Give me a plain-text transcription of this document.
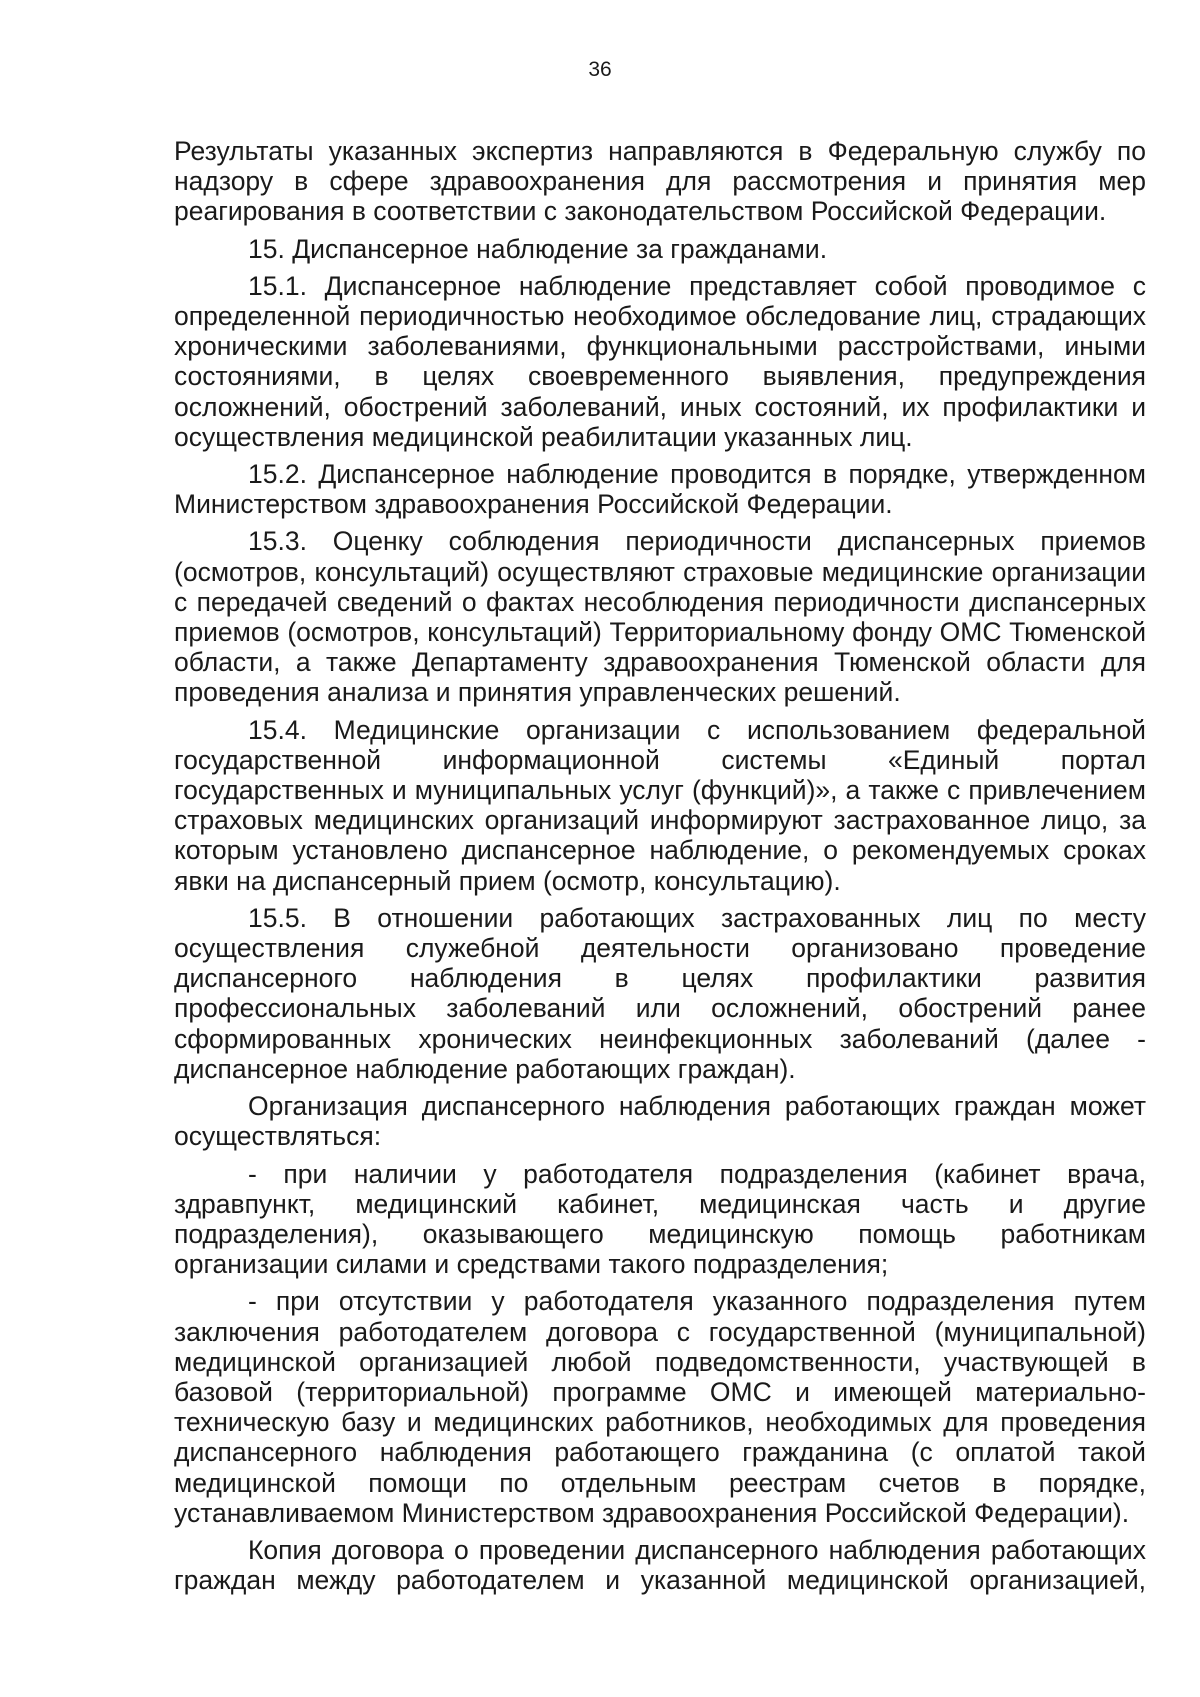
36

Результаты указанных экспертиз направляются в Федеральную службу по надзору в сфере здравоохранения для рассмотрения и принятия мер реагирования в соответствии с законодательством Российской Федерации.

15. Диспансерное наблюдение за гражданами.

15.1. Диспансерное наблюдение представляет собой проводимое с определенной периодичностью необходимое обследование лиц, страдающих хроническими заболеваниями, функциональными расстройствами, иными состояниями, в целях своевременного выявления, предупреждения осложнений, обострений заболеваний, иных состояний, их профилактики и осуществления медицинской реабилитации указанных лиц.

15.2. Диспансерное наблюдение проводится в порядке, утвержденном Министерством здравоохранения Российской Федерации.

15.3. Оценку соблюдения периодичности диспансерных приемов (осмотров, консультаций) осуществляют страховые медицинские организации с передачей сведений о фактах несоблюдения периодичности диспансерных приемов (осмотров, консультаций) Территориальному фонду ОМС Тюменской области, а также Департаменту здравоохранения Тюменской области для проведения анализа и принятия управленческих решений.

15.4. Медицинские организации с использованием федеральной государственной информационной системы «Единый портал государственных и муниципальных услуг (функций)», а также с привлечением страховых медицинских организаций информируют застрахованное лицо, за которым установлено диспансерное наблюдение, о рекомендуемых сроках явки на диспансерный прием (осмотр, консультацию).

15.5. В отношении работающих застрахованных лиц по месту осуществления служебной деятельности организовано проведение диспансерного наблюдения в целях профилактики развития профессиональных заболеваний или осложнений, обострений ранее сформированных хронических неинфекционных заболеваний (далее - диспансерное наблюдение работающих граждан).

Организация диспансерного наблюдения работающих граждан может осуществляться:

- при наличии у работодателя подразделения (кабинет врача, здравпункт, медицинский кабинет, медицинская часть и другие подразделения), оказывающего медицинскую помощь работникам организации силами и средствами такого подразделения;

- при отсутствии у работодателя указанного подразделения путем заключения работодателем договора с государственной (муниципальной) медицинской организацией любой подведомственности, участвующей в базовой (территориальной) программе ОМС и имеющей материально-техническую базу и медицинских работников, необходимых для проведения диспансерного наблюдения работающего гражданина (с оплатой такой медицинской помощи по отдельным реестрам счетов в порядке, устанавливаемом Министерством здравоохранения Российской Федерации).

Копия договора о проведении диспансерного наблюдения работающих граждан между работодателем и указанной медицинской организацией,
